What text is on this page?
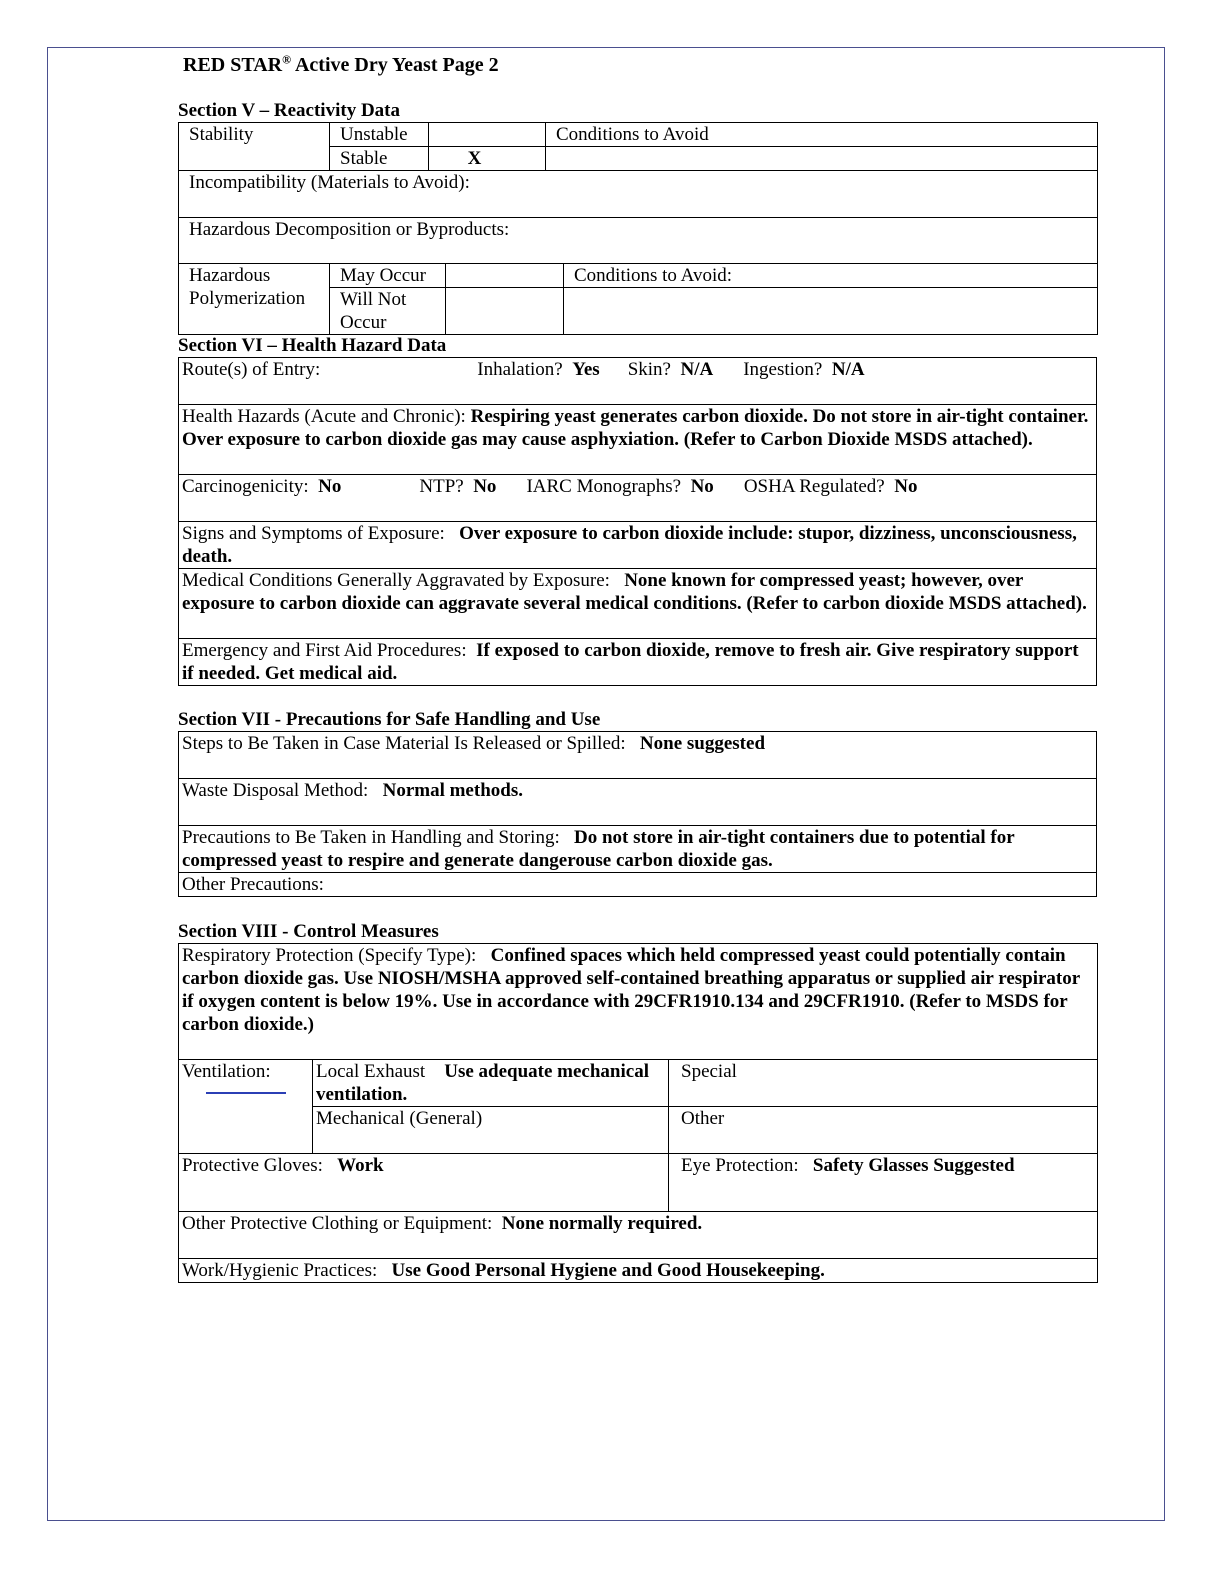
RED STAR® Active Dry Yeast Page 2
Section V – Reactivity Data
Stability	Unstable			Conditions to Avoid	
	Stable	X			
Incompatibility (Materials to Avoid):					
Hazardous Decomposition or Byproducts:					
Hazardous
Polymerization	May Occur				Conditions to Avoid:
	Will Not Occur				
Section VI – Health Hazard Data
Route(s) of Entry:	Inhalation? Yes Skin? N/A Ingestion? N/A
Health Hazards (Acute and Chronic): Respiring yeast generates carbon dioxide. Do not store in air-tight container. Over exposure to carbon dioxide gas may cause asphyxiation. (Refer to Carbon Dioxide MSDS attached).
Carcinogenicity: No	NTP? No IARC Monographs? No OSHA Regulated? No
Signs and Symptoms of Exposure: Over exposure to carbon dioxide include: stupor, dizziness, unconsciousness, death.
Medical Conditions Generally Aggravated by Exposure: None known for compressed yeast; however, over exposure to carbon dioxide can aggravate several medical conditions. (Refer to carbon dioxide MSDS attached).
Emergency and First Aid Procedures: If exposed to carbon dioxide, remove to fresh air. Give respiratory support if needed. Get medical aid.
Section VII - Precautions for Safe Handling and Use
Steps to Be Taken in Case Material Is Released or Spilled: None suggested
Waste Disposal Method: Normal methods.
Precautions to Be Taken in Handling and Storing: Do not store in air-tight containers due to potential for compressed yeast to respire and generate dangerouse carbon dioxide gas.
Other Precautions:
Section VIII - Control Measures
Respiratory Protection (Specify Type): Confined spaces which held compressed yeast could potentially contain carbon dioxide gas. Use NIOSH/MSHA approved self-contained breathing apparatus or supplied air respirator if oxygen content is below 19%. Use in accordance with 29CFR1910.134 and 29CFR1910. (Refer to MSDS for carbon dioxide.)		
Ventilation:	Local Exhaust Use adequate mechanical ventilation.	Special
	Mechanical (General)	Other
Protective Gloves: Work		Eye Protection: Safety Glasses Suggested
Other Protective Clothing or Equipment: None normally required.		
Work/Hygienic Practices: Use Good Personal Hygiene and Good Housekeeping.		
